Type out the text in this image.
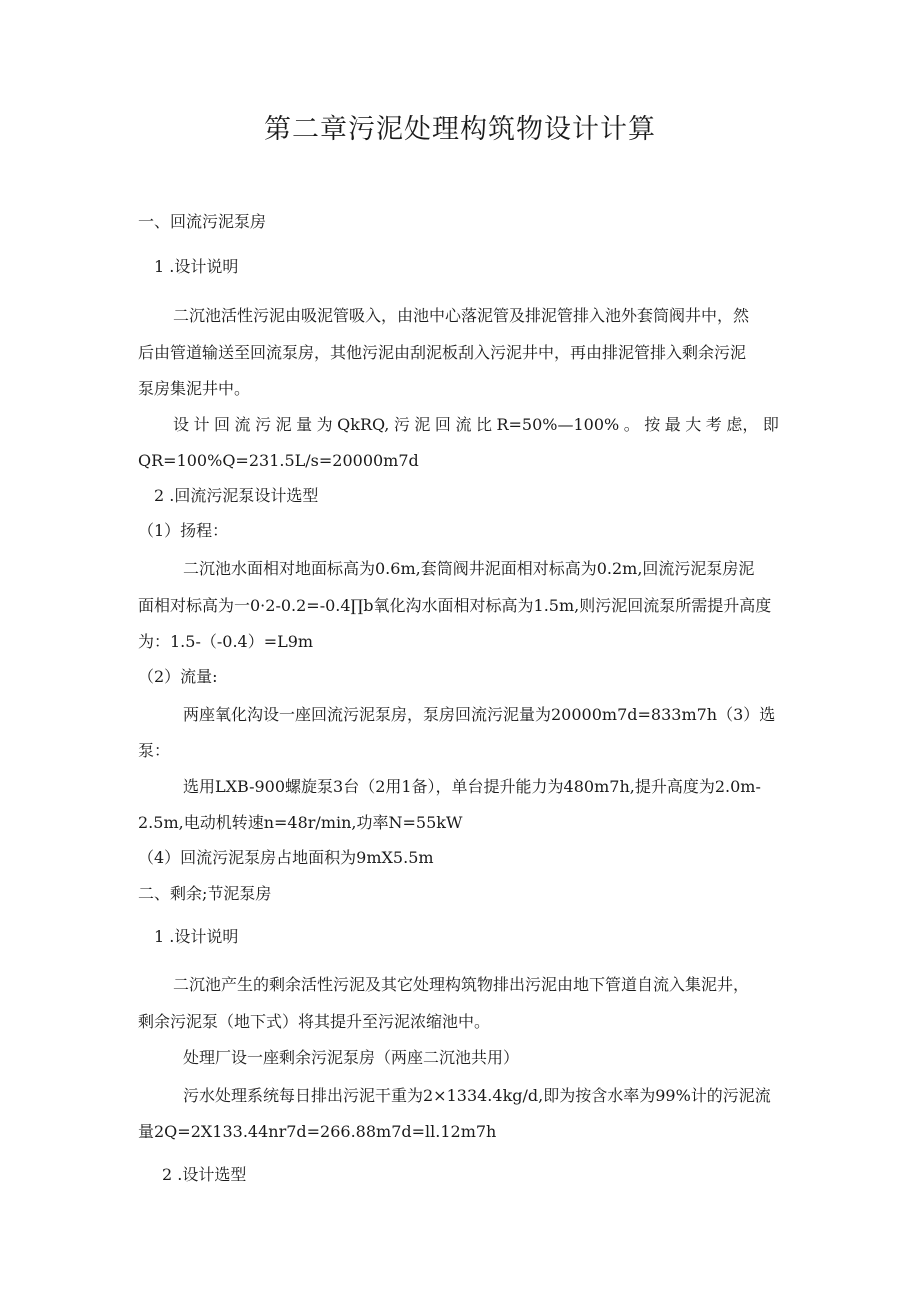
第二章污泥处理构筑物设计计算
一、回流污泥泵房
1 .设计说明
二沉池活性污泥由吸泥管吸入，由池中心落泥管及排泥管排入池外套筒阀井中，然
后由管道输送至回流泵房，其他污泥由刮泥板刮入污泥井中，再由排泥管排入剩余污泥
泵房集泥井中。
设 计 回 流 污 泥 量 为 QkRQ, 污 泥 回 流 比 R=50%—100% 。 按 最 大 考 虑， 即
QR=100%Q=231.5L/s=20000m7d
2 .回流污泥泵设计选型
（1）扬程：
二沉池水面相对地面标高为0.6m,套筒阀井泥面相对标高为0.2m,回流污泥泵房泥
面相对标高为一0·2-0.2=-0.4∏b氧化沟水面相对标高为1.5m,则污泥回流泵所需提升高度
为：1.5-（-0.4）=L9m
（2）流量:
两座氧化沟设一座回流污泥泵房，泵房回流污泥量为20000m7d=833m7h（3）选
泵：
选用LXB-900螺旋泵3台（2用1备），单台提升能力为480m7h,提升高度为2.0m-
2.5m,电动机转速n=48r/min,功率N=55kW
（4）回流污泥泵房占地面积为9mX5.5m
二、剩余;节泥泵房
1 .设计说明
二沉池产生的剩余活性污泥及其它处理构筑物排出污泥由地下管道自流入集泥井，
剩余污泥泵（地下式）将其提升至污泥浓缩池中。
处理厂设一座剩余污泥泵房（两座二沉池共用）
污水处理系统每日排出污泥干重为2×1334.4kg/d,即为按含水率为99%计的污泥流
量2Q=2X133.44nr7d=266.88m7d=ll.12m7h
2 .设计选型
